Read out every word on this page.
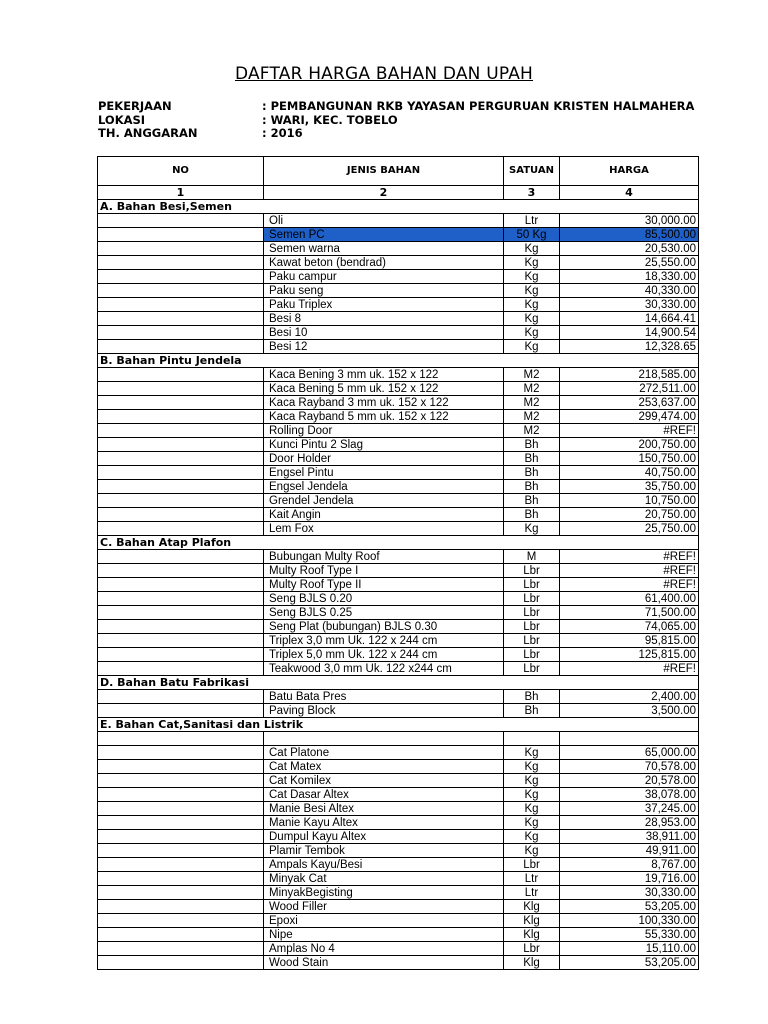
DAFTAR HARGA BAHAN DAN UPAH
PEKERJAAN	: PEMBANGUNAN RKB YAYASAN PERGURUAN KRISTEN HALMAHERA
LOKASI	: WARI, KEC. TOBELO
TH. ANGGARAN	: 2016
NO	JENIS BAHAN	SATUAN	HARGA
1	2	3	4
A. Bahan Besi,Semen			
	Oli	Ltr	30,000.00
	Semen PC	50 Kg	85,500.00
	Semen warna	Kg	20,530.00
	Kawat beton (bendrad)	Kg	25,550.00
	Paku campur	Kg	18,330.00
	Paku seng	Kg	40,330.00
	Paku Triplex	Kg	30,330.00
	Besi 8	Kg	14,664.41
	Besi 10	Kg	14,900.54
	Besi 12	Kg	12,328.65
B. Bahan Pintu Jendela			
	Kaca Bening 3 mm uk. 152 x 122	M2	218,585.00
	Kaca Bening 5 mm uk. 152 x 122	M2	272,511.00
	Kaca Rayband 3 mm uk. 152 x 122	M2	253,637.00
	Kaca Rayband 5 mm uk. 152 x 122	M2	299,474.00
	Rolling Door	M2	#REF!
	Kunci Pintu 2 Slag	Bh	200,750.00
	Door Holder	Bh	150,750.00
	Engsel Pintu	Bh	40,750.00
	Engsel Jendela	Bh	35,750.00
	Grendel Jendela	Bh	10,750.00
	Kait Angin	Bh	20,750.00
	Lem Fox	Kg	25,750.00
C. Bahan Atap Plafon			
	Bubungan Multy Roof	M	#REF!
	Multy Roof Type I	Lbr	#REF!
	Multy Roof Type II	Lbr	#REF!
	Seng BJLS 0.20	Lbr	61,400.00
	Seng BJLS 0.25	Lbr	71,500.00
	Seng Plat (bubungan) BJLS 0.30	Lbr	74,065.00
	Triplex 3,0 mm Uk. 122 x 244 cm	Lbr	95,815.00
	Triplex 5,0 mm Uk. 122 x 244 cm	Lbr	125,815.00
	Teakwood 3,0 mm Uk. 122 x244 cm	Lbr	#REF!
D. Bahan Batu Fabrikasi			
	Batu Bata Pres	Bh	2,400.00
	Paving Block	Bh	3,500.00
E. Bahan Cat,Sanitasi dan Listrik			

	Cat Platone	Kg	65,000.00
	Cat Matex	Kg	70,578.00
	Cat Komilex	Kg	20,578.00
	Cat Dasar Altex	Kg	38,078.00
	Manie Besi Altex	Kg	37,245.00
	Manie Kayu Altex	Kg	28,953.00
	Dumpul Kayu Altex	Kg	38,911.00
	Plamir Tembok	Kg	49,911.00
	Ampals Kayu/Besi	Lbr	8,767.00
	Minyak Cat	Ltr	19,716.00
	MinyakBegisting	Ltr	30,330.00
	Wood Filler	Klg	53,205.00
	Epoxi	Klg	100,330.00
	Nipe	Klg	55,330.00
	Amplas No 4	Lbr	15,110.00
	Wood Stain	Klg	53,205.00
